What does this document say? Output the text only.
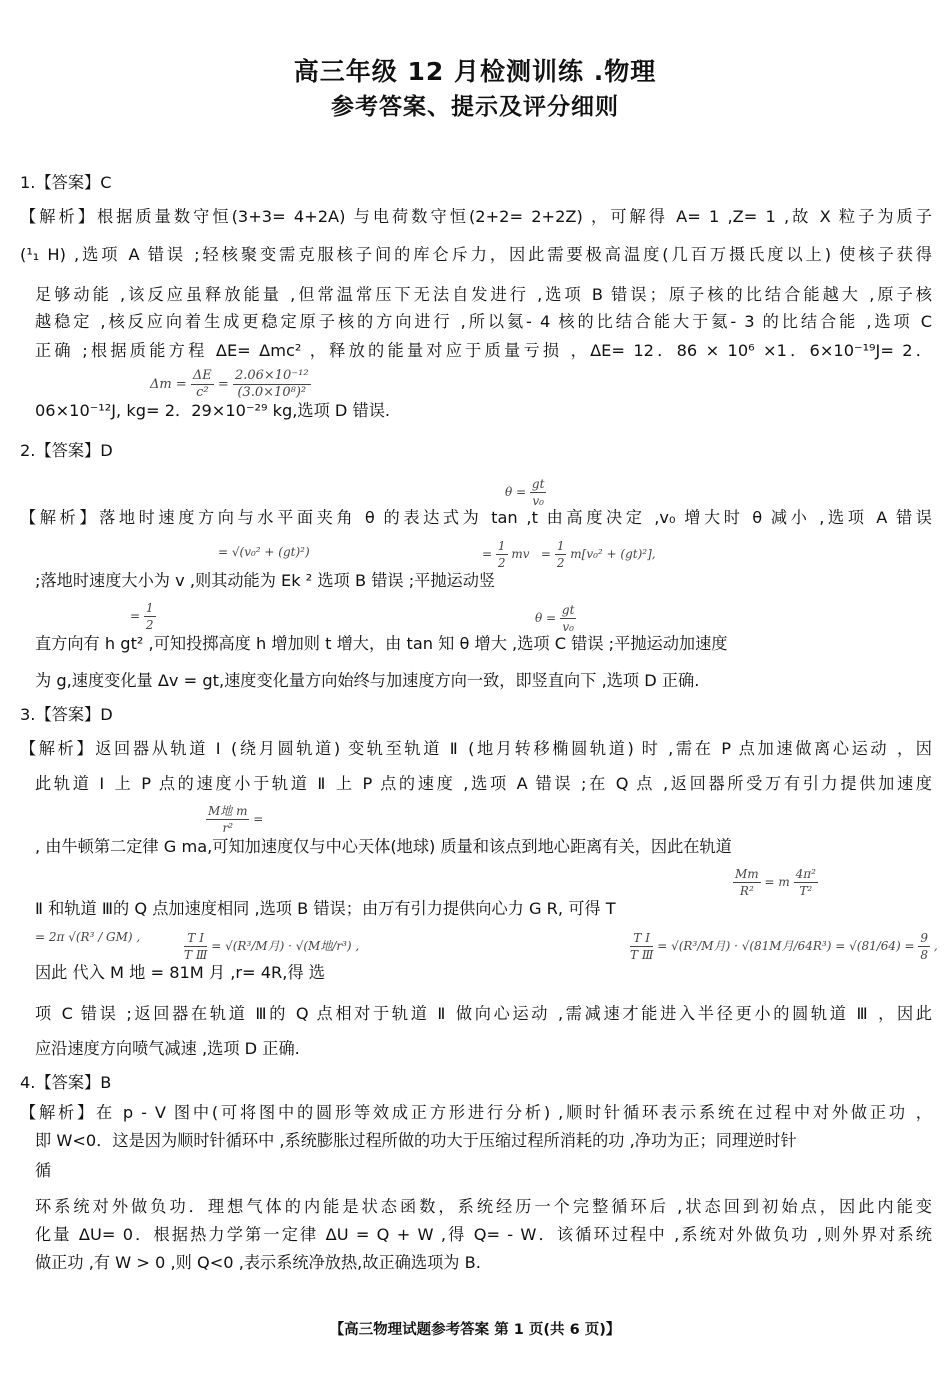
高三年级 12 月检测训练 .物理
参考答案、提示及评分细则
1.【答案】C
【解析】根据质量数守恒(3+3= 4+2A) 与电荷数守恒(2+2= 2+2Z) ，可解得 A= 1 ,Z= 1 ,故 X 粒子为质子
(¹₁ H) ,选项 A 错误 ;轻核聚变需克服核子间的库仑斥力，因此需要极高温度(几百万摄氏度以上) 使核子获得
足够动能 ,该反应虽释放能量 ,但常温常压下无法自发进行 ,选项 B 错误；原子核的比结合能越大 ,原子核
越稳定 ,核反应向着生成更稳定原子核的方向进行 ,所以氦- 4 核的比结合能大于氦- 3 的比结合能 ,选项 C
正确 ;根据质能方程 ΔE= Δmc² ，释放的能量对应于质量亏损 ，ΔE= 12．86 × 10⁶ ×1．6×10⁻¹⁹J= 2．
$\Delta m = \frac{\Delta E}{\text{c²}} = \frac{\text{2.06×10⁻¹²}}{\text{(3.0×10⁸)²}}$
06×10⁻¹²J, kg= 2．29×10⁻²⁹ kg,选项 D 错误.
2.【答案】D
$\theta = \frac{gt}{\text{v₀}}$
【解析】落地时速度方向与水平面夹角 θ 的表达式为 tan ,t 由高度决定 ,v₀ 增大时 θ 减小 ,选项 A 错误
= √(v₀² + (gt)²)	= $\frac{1}{2}$ mv   = $\frac{1}{2} m[v_0^2 + (gt)^2]$,
;落地时速度大小为 v ,则其动能为 Ek ² 选项 B 错误 ;平抛运动竖
= $\frac{1}{2}$	$\theta = \frac{gt}{\text{v₀}}$
直方向有 h gt² ,可知投掷高度 h 增加则 t 增大，由 tan 知 θ 增大 ,选项 C 错误 ;平抛运动加速度
为 g,速度变化量 Δv = gt,速度变化量方向始终与加速度方向一致，即竖直向下 ,选项 D 正确.
3.【答案】D
【解析】返回器从轨道 Ⅰ (绕月圆轨道) 变轨至轨道 Ⅱ (地月转移椭圆轨道) 时 ,需在 P 点加速做离心运动 ，因
此轨道 Ⅰ 上 P 点的速度小于轨道 Ⅱ 上 P 点的速度 ,选项 A 错误 ;在 Q 点 ,返回器所受万有引力提供加速度
$\frac{\text{M地 m}}{\text{r²}}$ =
, 由牛顿第二定律 G ma,可知加速度仅与中心天体(地球) 质量和该点到地心距离有关，因此在轨道
$\frac{Mm}{\text{R²}} = m \frac{\text{4π²}}{\text{T²}}$
Ⅱ 和轨道 Ⅲ的 Q 点加速度相同 ,选项 B 错误；由万有引力提供向心力 G R, 可得 T
= 2π √(R³ / GM) ,	$\frac{\text{T Ⅰ}}{\text{T Ⅲ}} = √(R^3/M$月) · √(M地/r³) ,	$\frac{\text{T Ⅰ}}{\text{T Ⅲ}} = √(R^3/M$月) · √(81M月$/64R^3) = √(81/64) = \frac{9}{8}$ ,
因此 代入 M 地 = 81M 月 ,r= 4R,得 选
项 C 错误 ;返回器在轨道 Ⅲ的 Q 点相对于轨道 Ⅱ 做向心运动 ,需减速才能进入半径更小的圆轨道 Ⅲ ，因此
应沿速度方向喷气减速 ,选项 D 正确.
4.【答案】B
【解析】在 p - V 图中(可将图中的圆形等效成正方形进行分析) ,顺时针循环表示系统在过程中对外做正功 ，
即 W<0．这是因为顺时针循环中 ,系统膨胀过程所做的功大于压缩过程所消耗的功 ,净功为正；同理逆时针
循
环系统对外做负功．理想气体的内能是状态函数，系统经历一个完整循环后 ,状态回到初始点，因此内能变
化量 ΔU= 0．根据热力学第一定律 ΔU = Q + W ,得 Q= - W．该循环过程中 ,系统对外做负功 ,则外界对系统
做正功 ,有 W > 0 ,则 Q<0 ,表示系统净放热,故正确选项为 B.
【高三物理试题参考答案 第 1 页(共 6 页)】
